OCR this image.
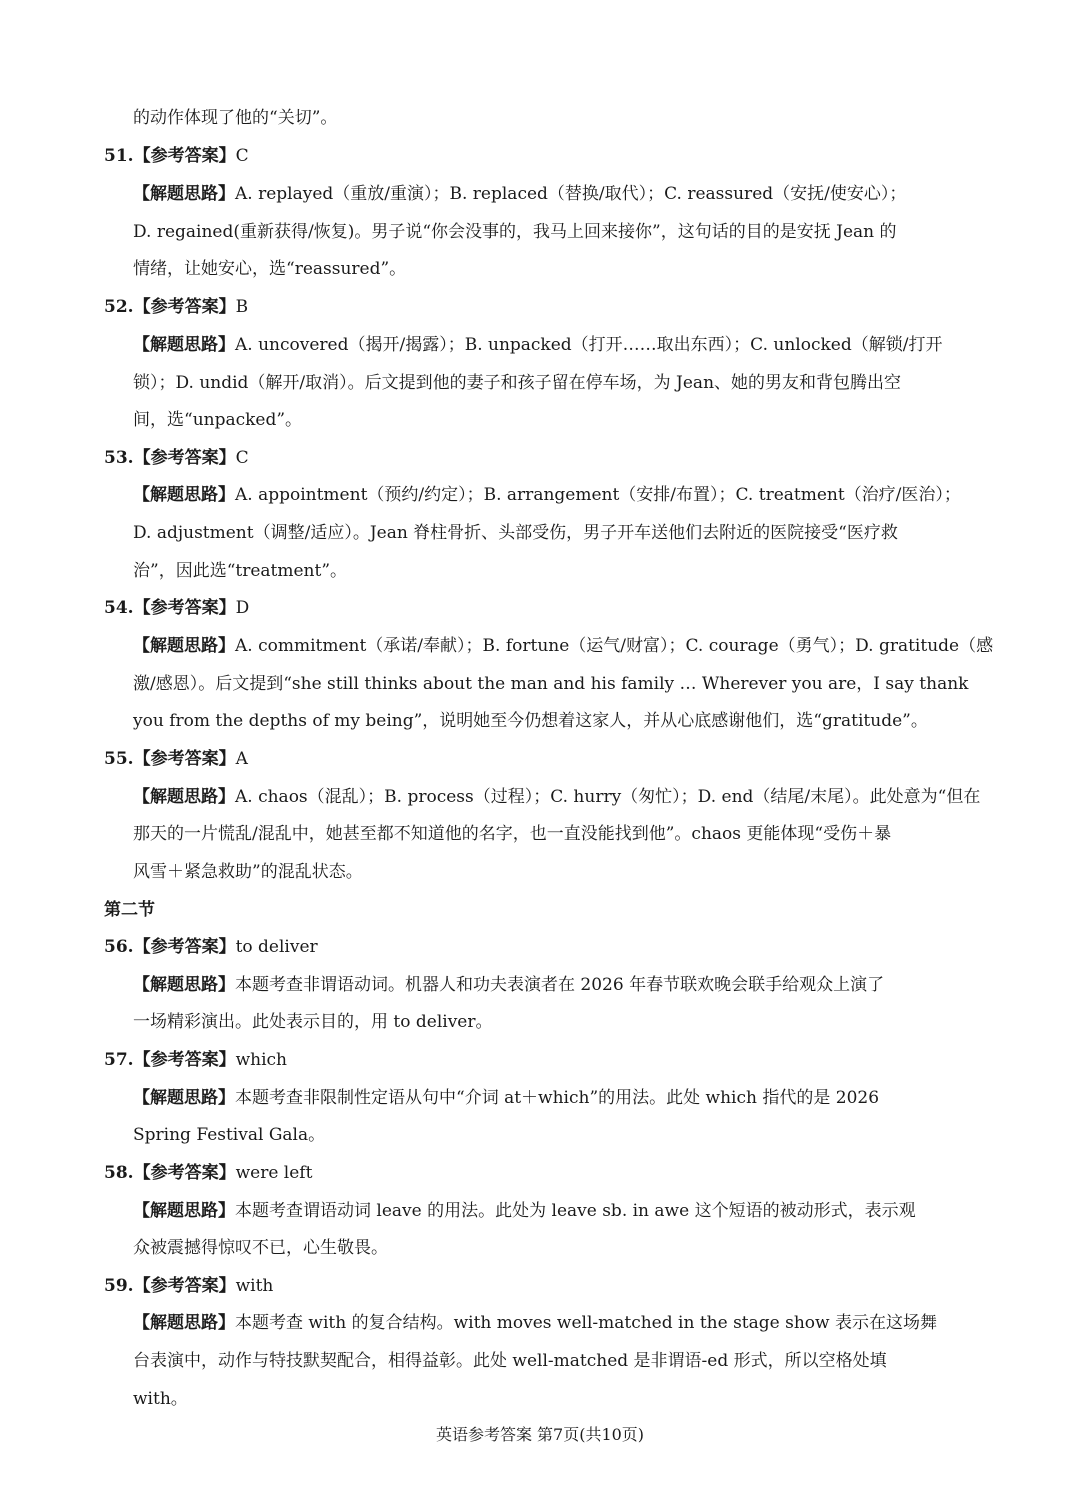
的动作体现了他的“关切”。
51.【参考答案】C
【解题思路】A. replayed（重放/重演）；B. replaced（替换/取代）；C. reassured（安抚/使安心）；
D. regained(重新获得/恢复)。男子说“你会没事的，我马上回来接你”，这句话的目的是安抚 Jean 的
情绪，让她安心，选“reassured”。
52.【参考答案】B
【解题思路】A. uncovered（揭开/揭露）；B. unpacked（打开……取出东西）；C. unlocked（解锁/打开
锁）；D. undid（解开/取消）。后文提到他的妻子和孩子留在停车场，为 Jean、她的男友和背包腾出空
间，选“unpacked”。
53.【参考答案】C
【解题思路】A. appointment（预约/约定）；B. arrangement（安排/布置）；C. treatment（治疗/医治）；
D. adjustment（调整/适应）。Jean 脊柱骨折、头部受伤，男子开车送他们去附近的医院接受“医疗救
治”，因此选“treatment”。
54.【参考答案】D
【解题思路】A. commitment（承诺/奉献）；B. fortune（运气/财富）；C. courage（勇气）；D. gratitude（感
激/感恩）。后文提到“she still thinks about the man and his family … Wherever you are，I say thank
you from the depths of my being”，说明她至今仍想着这家人，并从心底感谢他们，选“gratitude”。
55.【参考答案】A
【解题思路】A. chaos（混乱）；B. process（过程）；C. hurry（匆忙）；D. end（结尾/末尾）。此处意为“但在
那天的一片慌乱/混乱中，她甚至都不知道他的名字，也一直没能找到他”。chaos 更能体现“受伤＋暴
风雪＋紧急救助”的混乱状态。
第二节
56.【参考答案】to deliver
【解题思路】本题考查非谓语动词。机器人和功夫表演者在 2026 年春节联欢晚会联手给观众上演了
一场精彩演出。此处表示目的，用 to deliver。
57.【参考答案】which
【解题思路】本题考查非限制性定语从句中“介词 at＋which”的用法。此处 which 指代的是 2026
Spring Festival Gala。
58.【参考答案】were left
【解题思路】本题考查谓语动词 leave 的用法。此处为 leave sb. in awe 这个短语的被动形式，表示观
众被震撼得惊叹不已，心生敬畏。
59.【参考答案】with
【解题思路】本题考查 with 的复合结构。with moves well-matched in the stage show 表示在这场舞
台表演中，动作与特技默契配合，相得益彰。此处 well-matched 是非谓语-ed 形式，所以空格处填
with。
英语参考答案 第7页(共10页)
